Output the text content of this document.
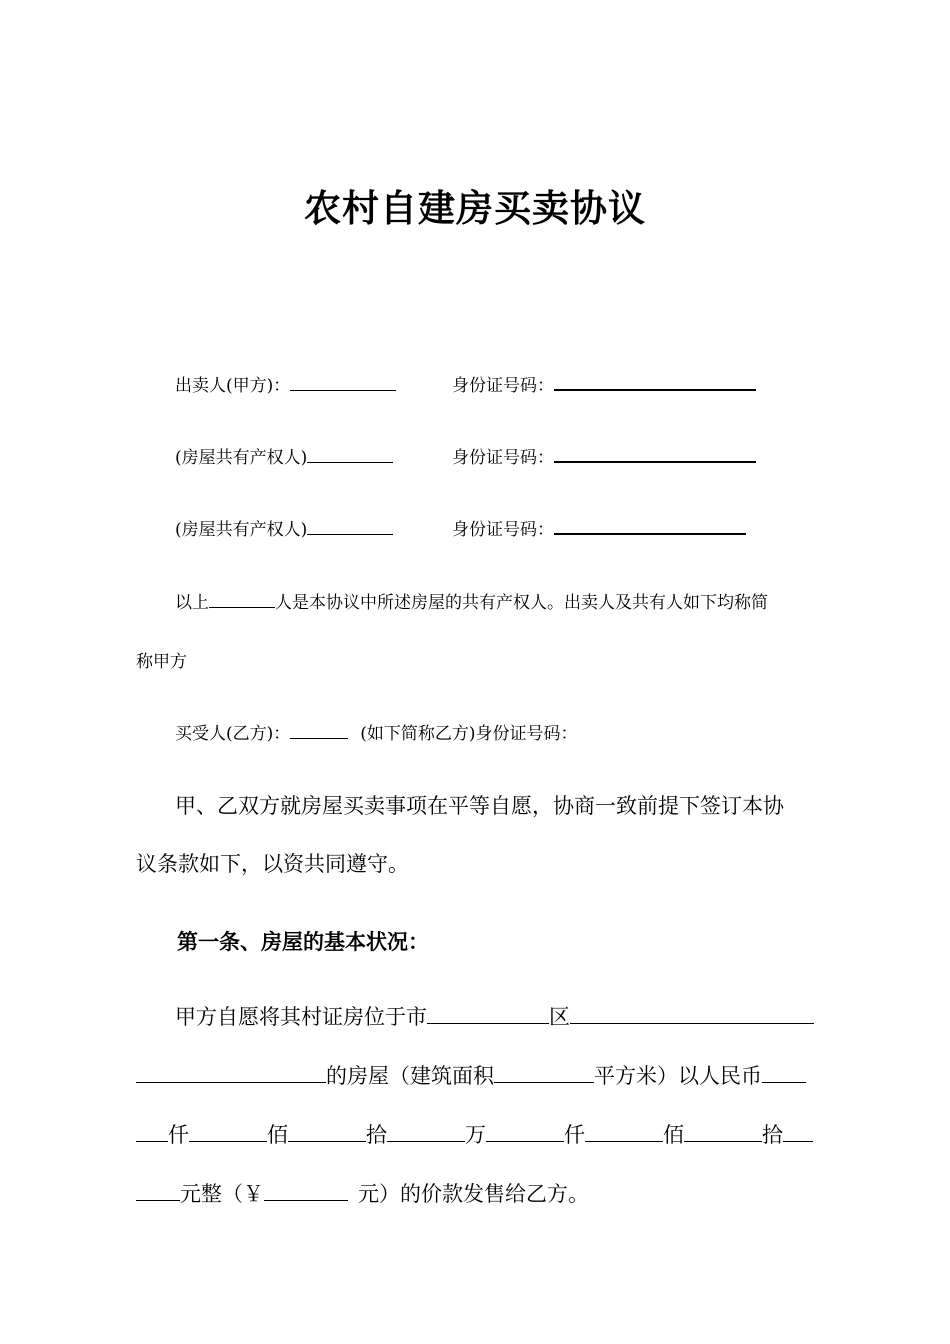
农村自建房买卖协议
出卖人(甲方)：	身份证号码：
(房屋共有产权人)	身份证号码：
(房屋共有产权人)	身份证号码：
以上	人是本协议中所述房屋的共有产权人。出卖人及共有人如下均称简
称甲方
买受人(乙方)：	(如下简称乙方)身份证号码：
甲、乙双方就房屋买卖事项在平等自愿，协商一致前提下签订本协
议条款如下，以资共同遵守。
第一条、房屋的基本状况：
甲方自愿将其村证房位于市	区
的房屋（建筑面积	平方米）以人民币
仟	佰	拾	万	仟	佰	拾
元整（￥	元）的价款发售给乙方。
